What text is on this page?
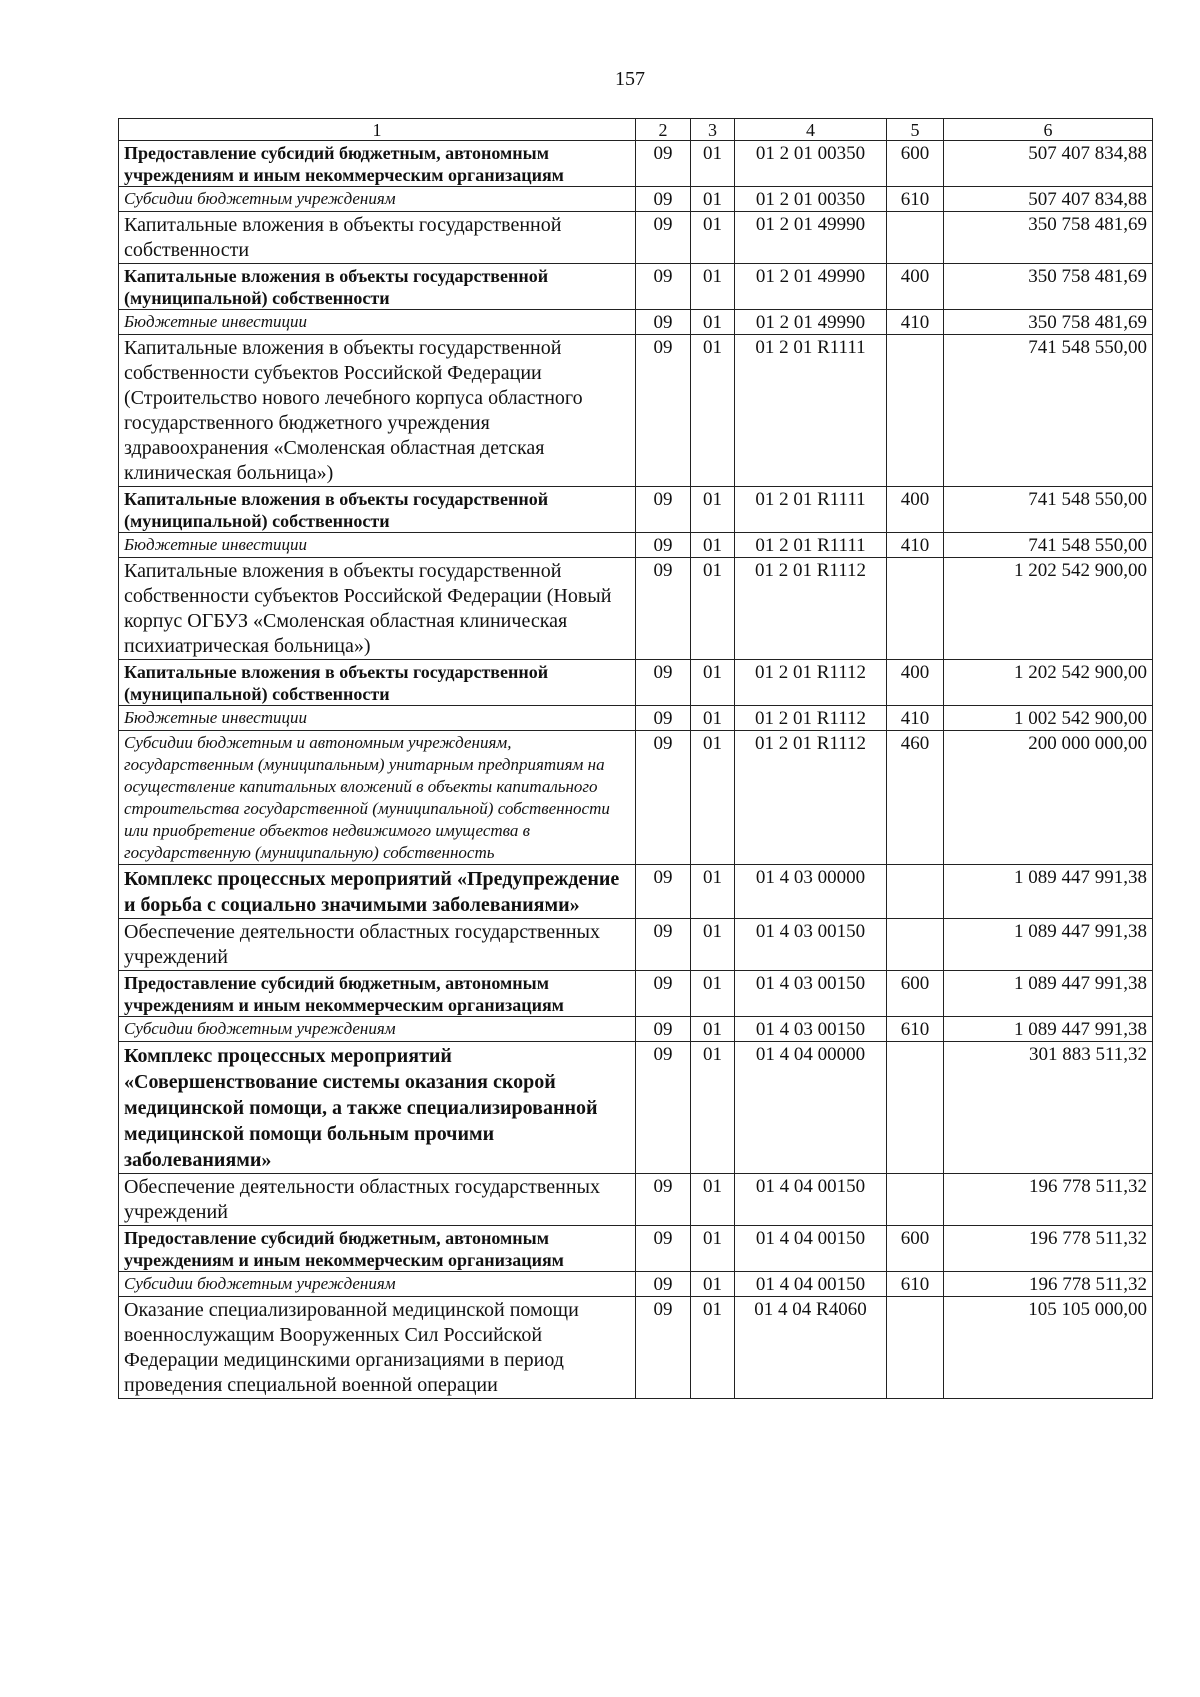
157
1	2	3	4	5	6
Предоставление субсидий бюджетным, автономным учреждениям и иным некоммерческим организациям	09	01	01 2 01 00350	600	507 407 834,88
Субсидии бюджетным учреждениям	09	01	01 2 01 00350	610	507 407 834,88
Капитальные вложения в объекты государственной собственности	09	01	01 2 01 49990		350 758 481,69
Капитальные вложения в объекты государственной (муниципальной) собственности	09	01	01 2 01 49990	400	350 758 481,69
Бюджетные инвестиции	09	01	01 2 01 49990	410	350 758 481,69
Капитальные вложения в объекты государственной собственности субъектов Российской Федерации (Строительство нового лечебного корпуса областного государственного бюджетного учреждения здравоохранения «Смоленская областная детская клиническая больница»)	09	01	01 2 01 R1111		741 548 550,00
Капитальные вложения в объекты государственной (муниципальной) собственности	09	01	01 2 01 R1111	400	741 548 550,00
Бюджетные инвестиции	09	01	01 2 01 R1111	410	741 548 550,00
Капитальные вложения в объекты государственной собственности субъектов Российской Федерации (Новый корпус ОГБУЗ «Смоленская областная клиническая психиатрическая больница»)	09	01	01 2 01 R1112		1 202 542 900,00
Капитальные вложения в объекты государственной (муниципальной) собственности	09	01	01 2 01 R1112	400	1 202 542 900,00
Бюджетные инвестиции	09	01	01 2 01 R1112	410	1 002 542 900,00
Субсидии бюджетным и автономным учреждениям, государственным (муниципальным) унитарным предприятиям на осуществление капитальных вложений в объекты капитального строительства государственной (муниципальной) собственности или приобретение объектов недвижимого имущества в государственную (муниципальную) собственность	09	01	01 2 01 R1112	460	200 000 000,00
Комплекс процессных мероприятий «Предупреждение и борьба с социально значимыми заболеваниями»	09	01	01 4 03 00000		1 089 447 991,38
Обеспечение деятельности областных государственных учреждений	09	01	01 4 03 00150		1 089 447 991,38
Предоставление субсидий бюджетным, автономным учреждениям и иным некоммерческим организациям	09	01	01 4 03 00150	600	1 089 447 991,38
Субсидии бюджетным учреждениям	09	01	01 4 03 00150	610	1 089 447 991,38
Комплекс процессных мероприятий «Совершенствование системы оказания скорой медицинской помощи, а также специализированной медицинской помощи больным прочими заболеваниями»	09	01	01 4 04 00000		301 883 511,32
Обеспечение деятельности областных государственных учреждений	09	01	01 4 04 00150		196 778 511,32
Предоставление субсидий бюджетным, автономным учреждениям и иным некоммерческим организациям	09	01	01 4 04 00150	600	196 778 511,32
Субсидии бюджетным учреждениям	09	01	01 4 04 00150	610	196 778 511,32
Оказание специализированной медицинской помощи военнослужащим Вооруженных Сил Российской Федерации медицинскими организациями в период проведения специальной военной операции	09	01	01 4 04 R4060		105 105 000,00
